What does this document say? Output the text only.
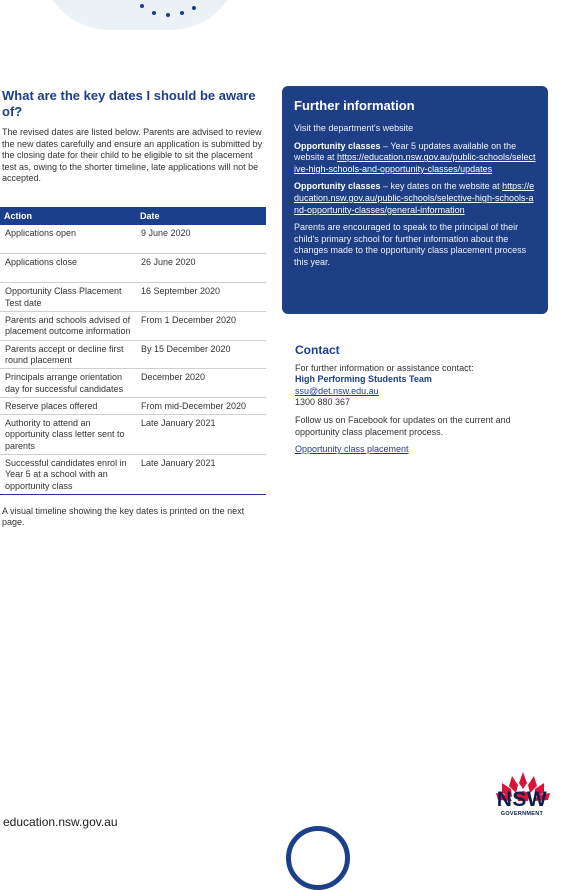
What are the key dates I should be aware of?

The revised dates are listed below. Parents are advised to review the new dates carefully and ensure an application is submitted by the closing date for their child to be eligible to sit the placement test as, owing to the shorter timeline, late applications will not be accepted.

Action	Date
Applications open	9 June 2020
Applications close	26 June 2020
Opportunity Class Placement Test date	16 September 2020
Parents and schools advised of placement outcome information	From 1 December 2020
Parents accept or decline first round placement	By 15 December 2020
Principals arrange orientation day for successful candidates	December 2020
Reserve places offered	From mid-December 2020
Authority to attend an opportunity class letter sent to parents	Late January 2021
Successful candidates enrol in Year 5 at a school with an opportunity class	Late January 2021

A visual timeline showing the key dates is printed on the next page.

Further information

Visit the department's website

Opportunity classes – Year 5 updates available on the website at https://education.nsw.gov.au/public-schools/selective-high-schools-and-opportunity-classes/updates

Opportunity classes – key dates on the website at https://education.nsw.gov.au/public-schools/selective-high-schools-and-opportunity-classes/general-information

Parents are encouraged to speak to the principal of their child's primary school for further information about the changes made to the opportunity class placement process this year.

Contact
For further information or assistance contact:
High Performing Students Team
ssu@det.nsw.edu.au
1300 880 367
Follow us on Facebook for updates on the current and opportunity class placement process.
Opportunity class placement
education.nsw.gov.au
NSW
GOVERNMENT
